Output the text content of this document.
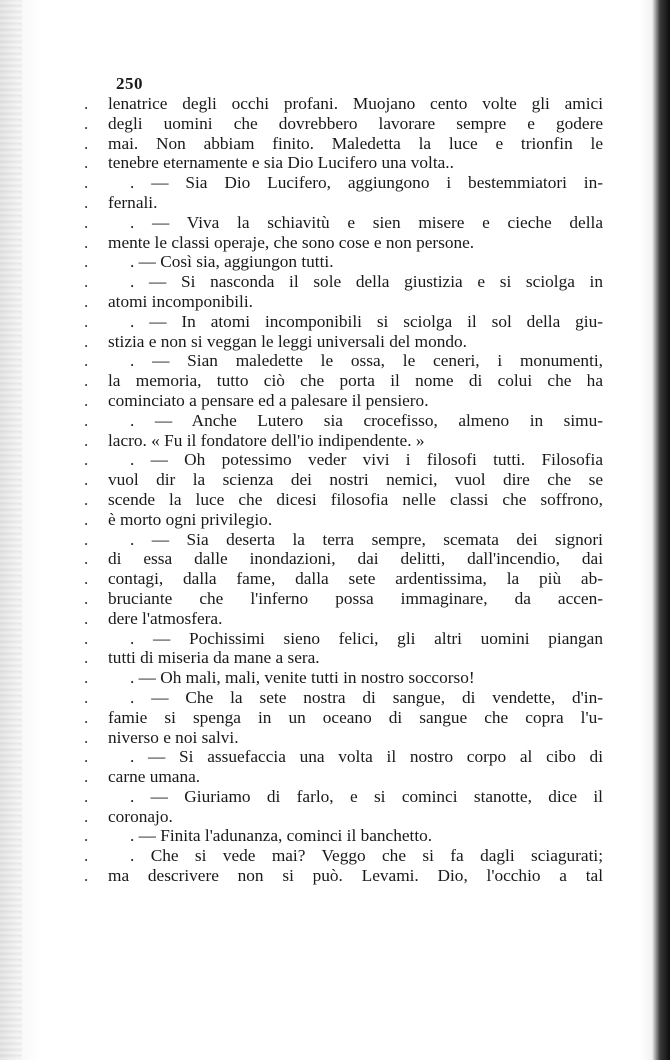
250
.	lenatrice degli occhi profani. Muojano cento volte gli amici
.	degli uomini che dovrebbero lavorare sempre e godere
.	mai. Non abbiam finito. Maledetta la luce e trionfin le
.	tenebre eternamente e sia Dio Lucifero una volta..
.	. — Sia Dio Lucifero, aggiungono i bestemmiatori in-
.	fernali.
.	. — Viva la schiavitù e sien misere e cieche della
.	mente le classi operaje, che sono cose e non persone.
.	. — Così sia, aggiungon tutti.
.	. — Si nasconda il sole della giustizia e si sciolga in
.	atomi incomponibili.
.	. — In atomi incomponibili si sciolga il sol della giu-
.	stizia e non si veggan le leggi universali del mondo.
.	. — Sian maledette le ossa, le ceneri, i monumenti,
.	la memoria, tutto ciò che porta il nome di colui che ha
.	cominciato a pensare ed a palesare il pensiero.
.	. — Anche Lutero sia crocefisso, almeno in simu-
.	lacro. « Fu il fondatore dell'io indipendente. »
.	. — Oh potessimo veder vivi i filosofi tutti. Filosofia
.	vuol dir la scienza dei nostri nemici, vuol dire che se
.	scende la luce che dicesi filosofia nelle classi che soffrono,
.	è morto ogni privilegio.
.	. — Sia deserta la terra sempre, scemata dei signori
.	di essa dalle inondazioni, dai delitti, dall'incendio, dai
.	contagi, dalla fame, dalla sete ardentissima, la più ab-
.	bruciante che l'inferno possa immaginare, da accen-
.	dere l'atmosfera.
.	. — Pochissimi sieno felici, gli altri uomini piangan
.	tutti di miseria da mane a sera.
.	. — Oh mali, mali, venite tutti in nostro soccorso!
.	. — Che la sete nostra di sangue, di vendette, d'in-
.	famie si spenga in un oceano di sangue che copra l'u-
.	niverso e noi salvi.
.	. — Si assuefaccia una volta il nostro corpo al cibo di
.	carne umana.
.	. — Giuriamo di farlo, e si cominci stanotte, dice il
.	coronajo.
.	. — Finita l'adunanza, cominci il banchetto.
.	. Che si vede mai? Veggo che si fa dagli sciagurati;
.	ma descrivere non si può. Levami. Dio, l'occhio a tal
